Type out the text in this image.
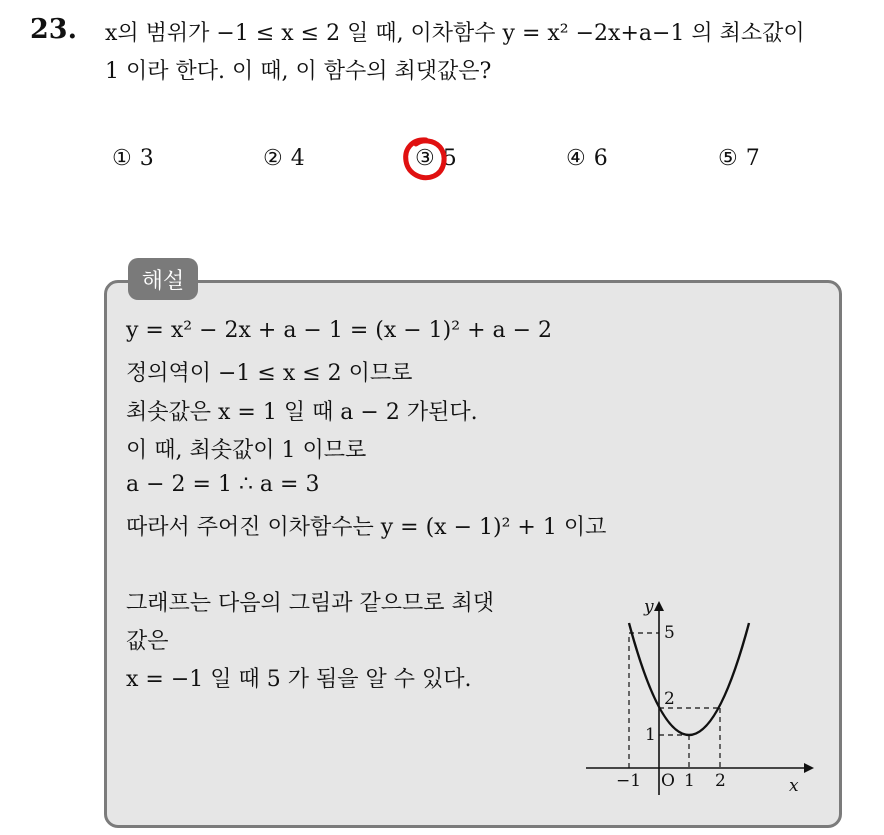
23. x의 범위가 −1 ≤ x ≤ 2 일 때, 이차함수 y = x² −2x+a−1 의 최소값이
1 이라 한다. 이 때, 이 함수의 최댓값은?
① 3	② 4	③ 5	④ 6	⑤ 7
해설
y = x² − 2x + a − 1 = (x − 1)² + a − 2
정의역이 −1 ≤ x ≤ 2 이므로
최솟값은 x = 1 일 때 a − 2 가된다.
이 때, 최솟값이 1 이므로
a − 2 = 1 ∴ a = 3
따라서 주어진 이차함수는 y = (x − 1)² + 1 이고
그래프는 다음의 그림과 같으므로 최댓
값은
x = −1 일 때 5 가 됨을 알 수 있다.
y
x
O
−1	1 2
1
2
5
